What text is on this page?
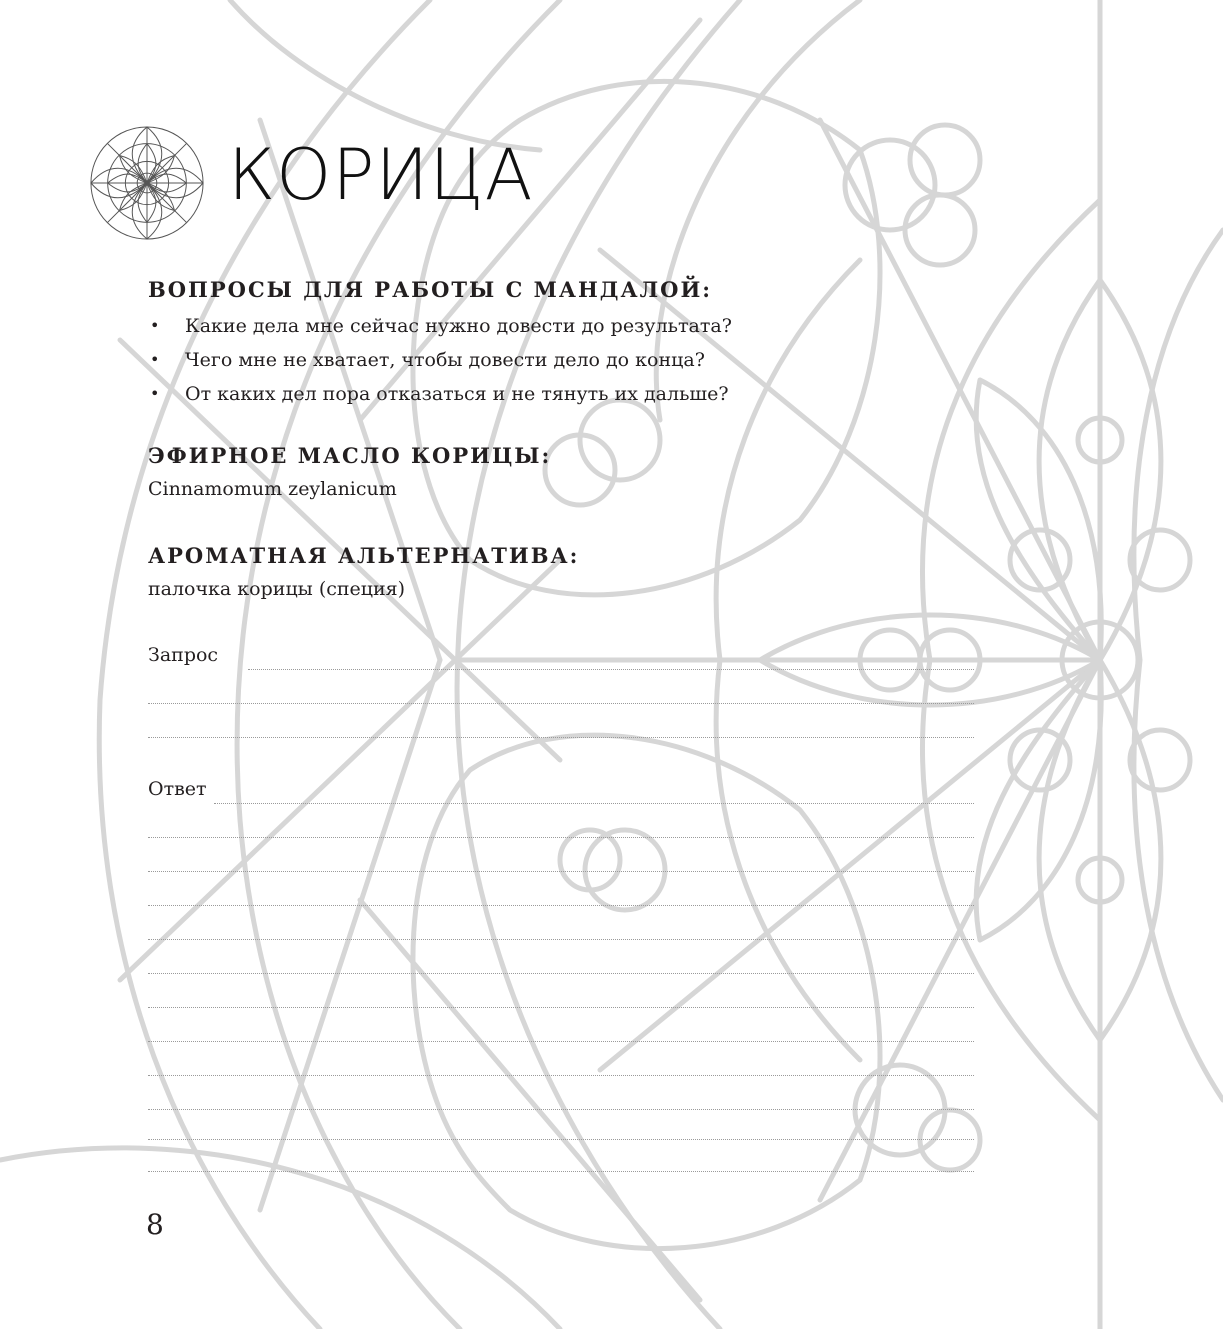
КОРИЦА
ВОПРОСЫ ДЛЯ РАБОТЫ С МАНДАЛОЙ:
• Какие дела мне сейчас нужно довести до результата?
• Чего мне не хватает, чтобы довести дело до конца?
• От каких дел пора отказаться и не тянуть их дальше?
ЭФИРНОЕ МАСЛО КОРИЦЫ:
Cinnamomum zeylanicum
АРОМАТНАЯ АЛЬТЕРНАТИВА:
палочка корицы (специя)
Запрос
Ответ
8
